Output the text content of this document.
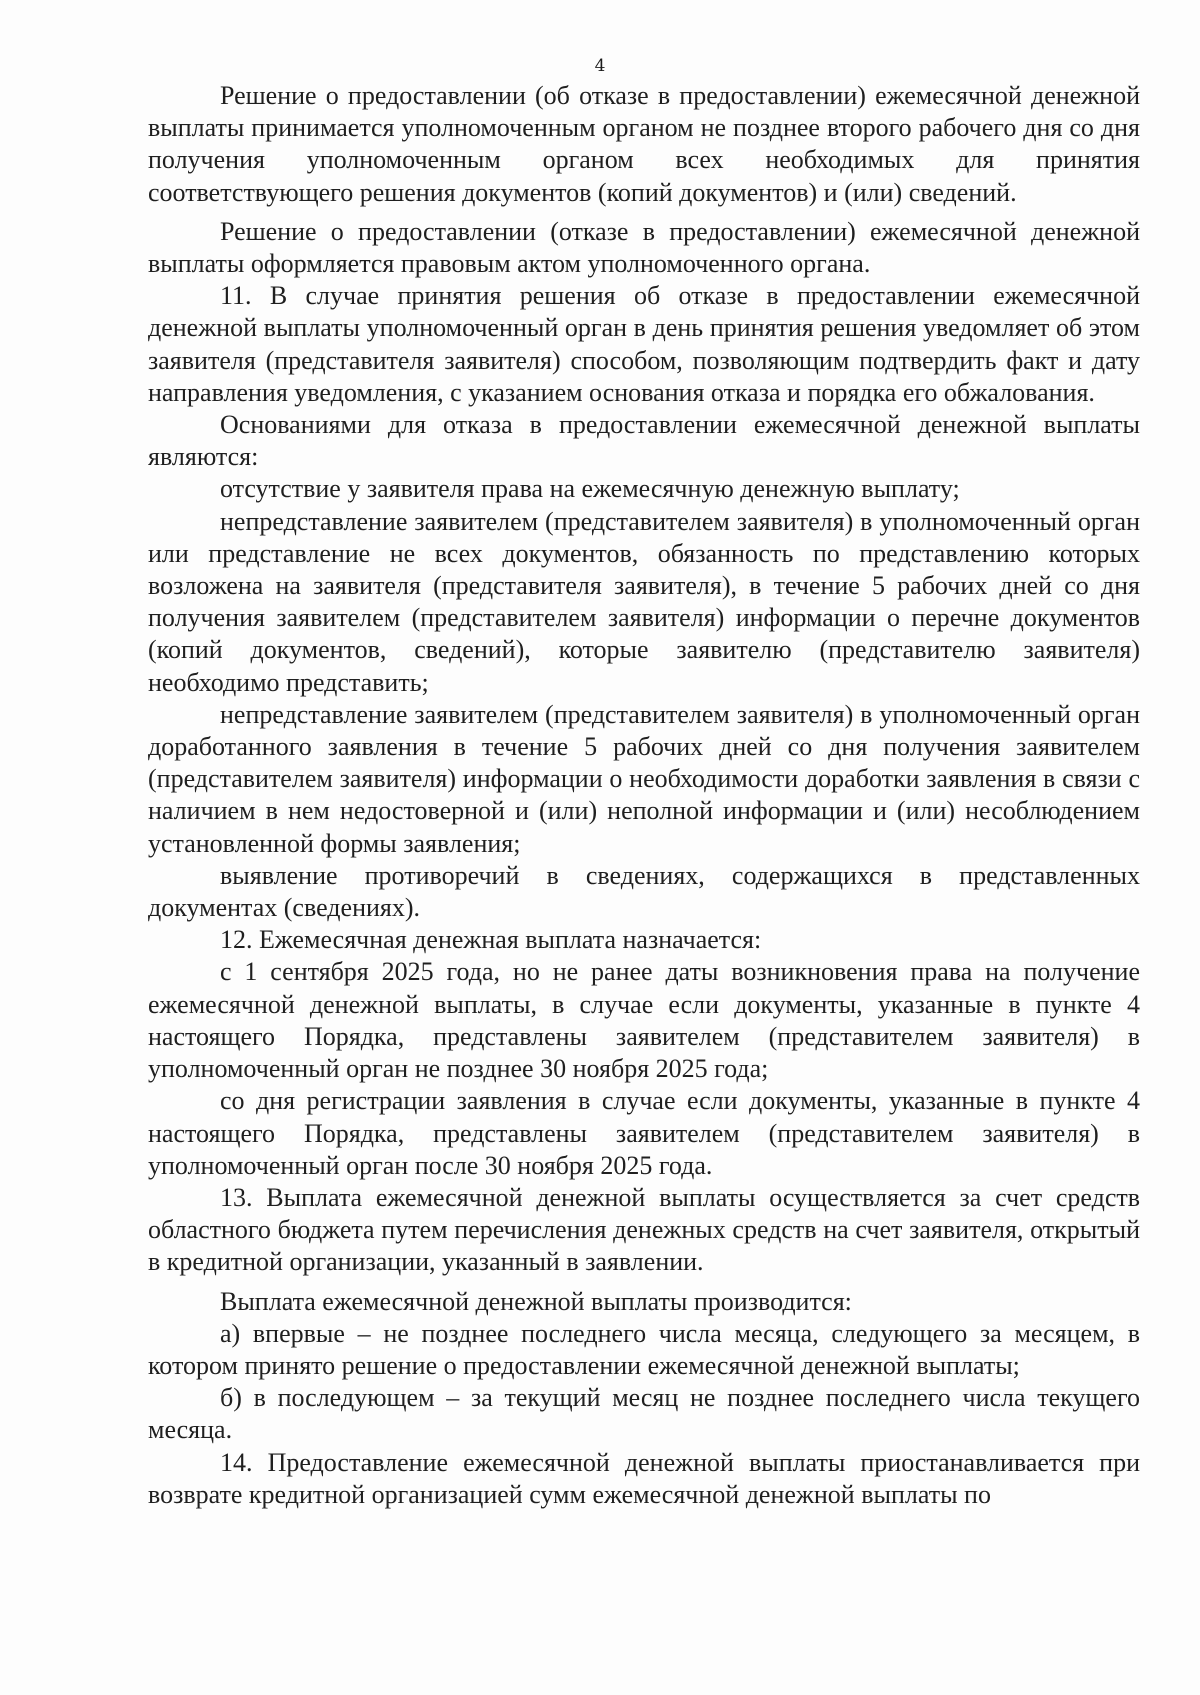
4

Решение о предоставлении (об отказе в предоставлении) ежемесячной денежной выплаты принимается уполномоченным органом не позднее второго рабочего дня со дня получения уполномоченным органом всех необходимых для принятия соответствующего решения документов (копий документов) и (или) сведений.

Решение о предоставлении (отказе в предоставлении) ежемесячной денежной выплаты оформляется правовым актом уполномоченного органа.

11. В случае принятия решения об отказе в предоставлении ежемесячной денежной выплаты уполномоченный орган в день принятия решения уведомляет об этом заявителя (представителя заявителя) способом, позволяющим подтвердить факт и дату направления уведомления, с указанием основания отказа и порядка его обжалования.

Основаниями для отказа в предоставлении ежемесячной денежной выплаты являются:

отсутствие у заявителя права на ежемесячную денежную выплату;

непредставление заявителем (представителем заявителя) в уполномоченный орган или представление не всех документов, обязанность по представлению которых возложена на заявителя (представителя заявителя), в течение 5 рабочих дней со дня получения заявителем (представителем заявителя) информации о перечне документов (копий документов, сведений), которые заявителю (представителю заявителя) необходимо представить;

непредставление заявителем (представителем заявителя) в уполномоченный орган доработанного заявления в течение 5 рабочих дней со дня получения заявителем (представителем заявителя) информации о необходимости доработки заявления в связи с наличием в нем недостоверной и (или) неполной информации и (или) несоблюдением установленной формы заявления;

выявление противоречий в сведениях, содержащихся в представленных документах (сведениях).

12. Ежемесячная денежная выплата назначается:

с 1 сентября 2025 года, но не ранее даты возникновения права на получение ежемесячной денежной выплаты, в случае если документы, указанные в пункте 4 настоящего Порядка, представлены заявителем (представителем заявителя) в уполномоченный орган не позднее 30 ноября 2025 года;

со дня регистрации заявления в случае если документы, указанные в пункте 4 настоящего Порядка, представлены заявителем (представителем заявителя) в уполномоченный орган после 30 ноября 2025 года.

13. Выплата ежемесячной денежной выплаты осуществляется за счет средств областного бюджета путем перечисления денежных средств на счет заявителя, открытый в кредитной организации, указанный в заявлении.

Выплата ежемесячной денежной выплаты производится:

а) впервые – не позднее последнего числа месяца, следующего за месяцем, в котором принято решение о предоставлении ежемесячной денежной выплаты;

б) в последующем – за текущий месяц не позднее последнего числа текущего месяца.

14. Предоставление ежемесячной денежной выплаты приостанавливается при возврате кредитной организацией сумм ежемесячной денежной выплаты по
